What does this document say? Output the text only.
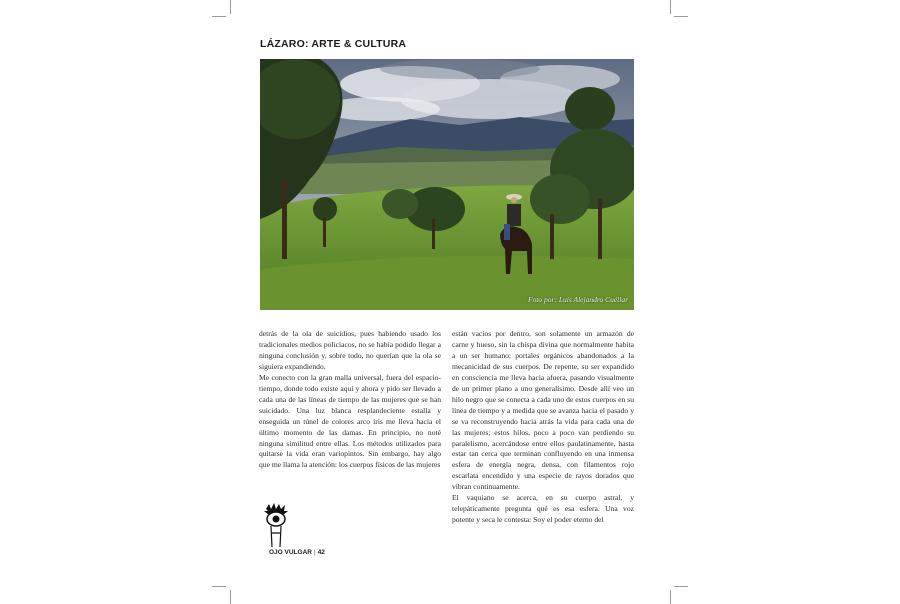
LÁZARO: ARTE & CULTURA
Foto por: Luis Alejandro Cuéllar

detrás de la ola de suicidios, pues habiendo usado los tradicionales medios policiacos, no se había podido llegar a ninguna conclusión y, sobre todo, no querían que la ola se siguiera expandiendo.

Me conecto con la gran malla universal, fuera del espacio-tiempo, donde todo existe aquí y ahora y pido ser llevado a cada una de las líneas de tiempo de las mujeres que se han suicidado. Una luz blanca resplandeciente estalla y enseguida un túnel de colores arco iris me lleva hacia el último momento de las damas. En principio, no noté ninguna similitud entre ellas. Los métodos utilizados para quitarse la vida eran variopintos. Sin embargo, hay algo que me llama la atención: los cuerpos físicos de las mujeres

están vacíos por dentro, son solamente un armazón de carne y hueso, sin la chispa divina que normalmente habita a un ser humano; portales orgánicos abandonados a la mecanicidad de sus cuerpos. De repente, su ser expandido en consciencia me lleva hacia afuera, pasando visualmente de un primer plano a uno generalísimo. Desde allí veo un hilo negro que se conecta a cada uno de estos cuerpos en su línea de tiempo y a medida que se avanza hacia el pasado y se va reconstruyendo hacia atrás la vida para cada una de las mujeres; estos hilos, poco a poco van perdiendo su paralelismo, acercándose entre ellos paulatinamente, hasta estar tan cerca que terminan confluyendo en una inmensa esfera de energía negra, densa, con filamentos rojo escarlata encendido y una especie de rayos dorados que vibran continuamente.

El vaquiano se acerca, en su cuerpo astral, y telepáticamente pregunta qué es esa esfera. Una voz potente y seca le contesta: Soy el poder eterno del

OJO VULGAR | 42
